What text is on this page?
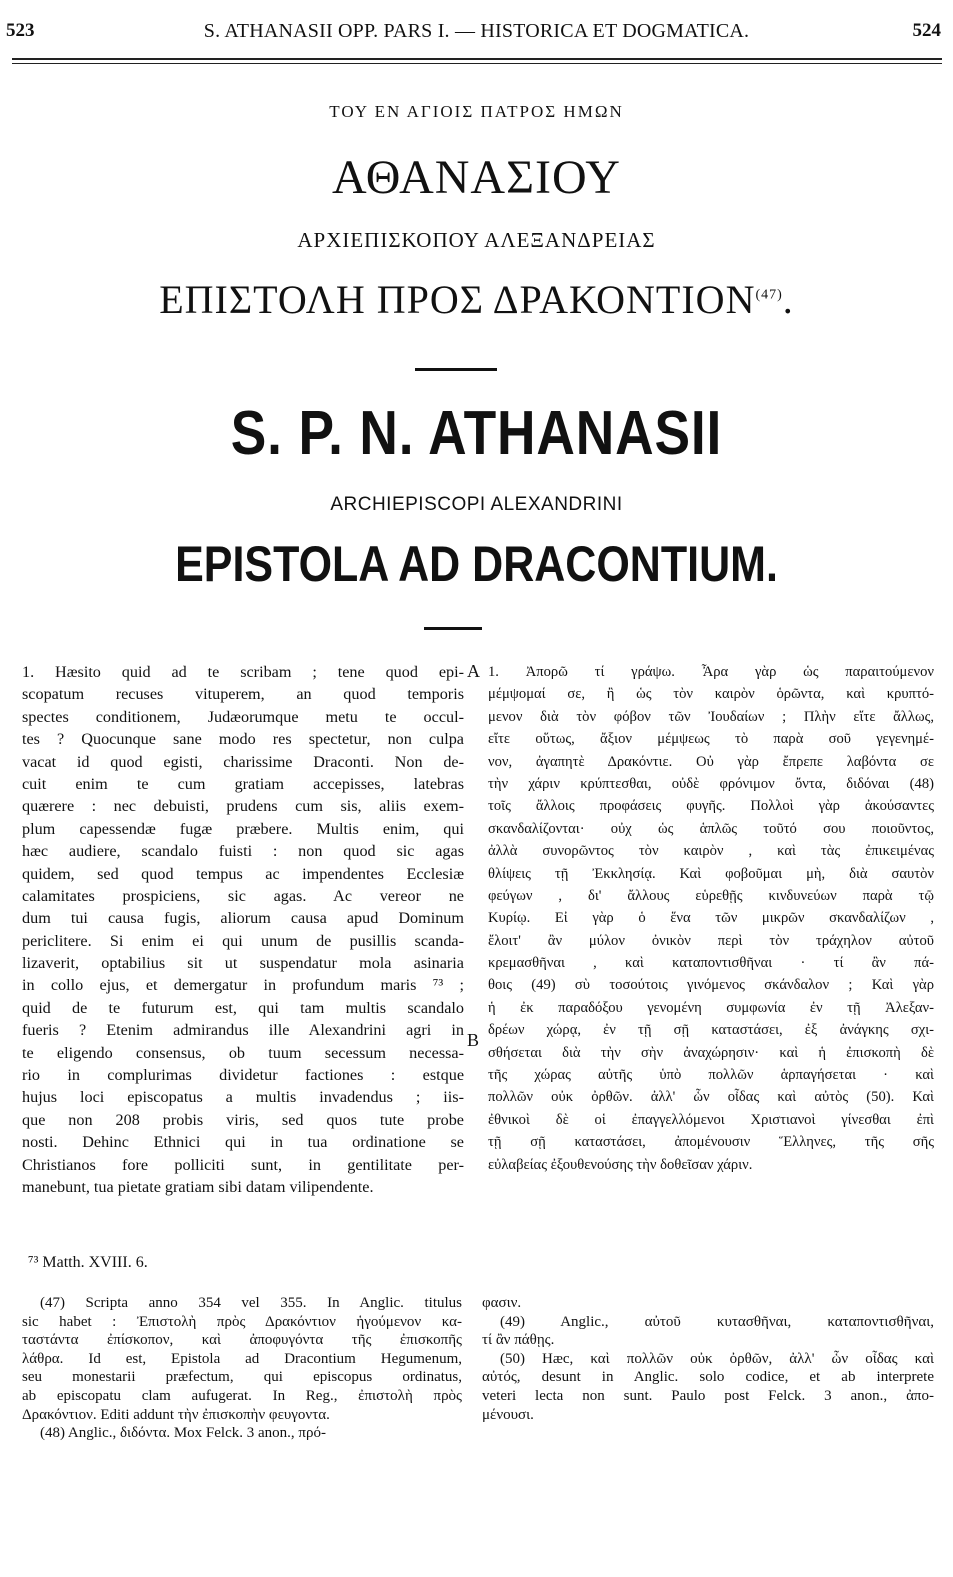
523	S. ATHANASII OPP. PARS I. — HISTORICA ET DOGMATICA.	524
ΤΟΥ ΕΝ ΑΓΙΟΙΣ ΠΑΤΡΟΣ ΗΜΩΝ
ΑΘΑΝΑΣΙΟΥ
ΑΡΧΙΕΠΙΣΚΟΠΟΥ ΑΛΕΞΑΝΔΡΕΙΑΣ
ΕΠΙΣΤΟΛΗ ΠΡΟΣ ΔΡΑΚΟΝΤΙΟΝ$^{(47)}$.
S. P. N. ATHANASII
ARCHIEPISCOPI ALEXANDRINI
EPISTOLA AD DRACONTIUM.
A
B
1. Hæsito quid ad te scribam ; tene quod epi-
scopatum recuses vituperem, an quod temporis
spectes conditionem, Judæorumque metu te occul-
tes ? Quocunque sane modo res spectetur, non culpa
vacat id quod egisti, charissime Draconti. Non de-
cuit enim te cum gratiam accepisses, latebras
quærere : nec debuisti, prudens cum sis, aliis exem-
plum capessendæ fugæ præbere. Multis enim, qui
hæc audiere, scandalo fuisti : non quod sic agas
quidem, sed quod tempus ac impendentes Ecclesiæ
calamitates prospiciens, sic agas. Ac vereor ne
dum tui causa fugis, aliorum causa apud Dominum
periclitere. Si enim ei qui unum de pusillis scanda-
lizaverit, optabilius sit ut suspendatur mola asinaria
in collo ejus, et demergatur in profundum maris ⁷³ ;
quid de te futurum est, qui tam multis scandalo
fueris ? Etenim admirandus ille Alexandrini agri in
te eligendo consensus, ob tuum secessum necessa-
rio in complurimas dividetur factiones : estque
hujus loci episcopatus a multis invadendus ; iis-
que non 208 probis viris, sed quos tute probe
nosti. Dehinc Ethnici qui in tua ordinatione se
Christianos fore polliciti sunt, in gentilitate per-
manebunt, tua pietate gratiam sibi datam vilipendente.
1. Ἀπορῶ τί γράψω. Ἆρα γὰρ ὡς παραιτούμενον
μέμψομαί σε, ἢ ὡς τὸν καιρὸν ὁρῶντα, καὶ κρυπτό-
μενον διὰ τὸν φόβον τῶν Ἰουδαίων ; Πλὴν εἴτε ἄλλως,
εἴτε οὕτως, ἄξιον μέμψεως τὸ παρὰ σοῦ γεγενημέ-
νον, ἀγαπητὲ Δρακόντιε. Οὐ γὰρ ἔπρεπε λαβόντα σε
τὴν χάριν κρύπτεσθαι, οὐδὲ φρόνιμον ὄντα, διδόναι (48)
τοῖς ἄλλοις προφάσεις φυγῆς. Πολλοὶ γὰρ ἀκούσαντες
σκανδαλίζονται· οὐχ ὡς ἁπλῶς τοῦτό σου ποιοῦντος,
ἀλλὰ συνορῶντος τὸν καιρὸν , καὶ τὰς ἐπικειμένας
θλίψεις τῇ Ἐκκλησίᾳ. Καὶ φοβοῦμαι μὴ, διὰ σαυτὸν
φεύγων , δι' ἄλλους εὑρεθῇς κινδυνεύων παρὰ τῷ
Κυρίῳ. Εἰ γὰρ ὁ ἕνα τῶν μικρῶν σκανδαλίζων ,
ἔλοιτ' ἂν μύλον ὀνικὸν περὶ τὸν τράχηλον αὐτοῦ
κρεμασθῆναι , καὶ καταποντισθῆναι · τί ἂν πά-
θοις (49) σὺ τοσούτοις γινόμενος σκάνδαλον ; Καὶ γὰρ
ἡ ἐκ παραδόξου γενομένη συμφωνία ἐν τῇ Ἀλεξαν-
δρέων χώρᾳ, ἐν τῇ σῇ καταστάσει, ἐξ ἀνάγκης σχι-
σθήσεται διὰ τὴν σὴν ἀναχώρησιν· καὶ ἡ ἐπισκοπὴ δὲ
τῆς χώρας αὐτῆς ὑπὸ πολλῶν ἁρπαγήσεται · καὶ
πολλῶν οὐκ ὀρθῶν. ἀλλ' ὧν οἶδας καὶ αὐτὸς (50). Καὶ
ἐθνικοὶ δὲ οἱ ἐπαγγελλόμενοι Χριστιανοὶ γίνεσθαι ἐπὶ
τῇ σῇ καταστάσει, ἀπομένουσιν Ἕλληνες, τῆς σῆς
εὐλαβείας ἐξουθενούσης τὴν δοθεῖσαν χάριν.
⁷³ Matth. XVIII. 6.
(47) Scripta anno 354 vel 355. In Anglic. titulus
sic habet : Ἐπιστολὴ πρὸς Δρακόντιον ἡγούμενον κα-
ταστάντα ἐπίσκοπον, καὶ ἀποφυγόντα τῆς ἐπισκοπῆς
λάθρα. Id est, Epistola ad Dracontium Hegumenum,
seu monestarii præfectum, qui episcopus ordinatus,
ab episcopatu clam aufugerat. In Reg., ἐπιστολὴ πρὸς
Δρακόντιον. Editi addunt τὴν ἐπισκοπὴν φευγοντα.
(48) Anglic., διδόντα. Mox Felck. 3 anon., πρό-
φασιν.
(49) Anglic., αὐτοῦ κυτασθῆναι, καταποντισθῆναι,
τί ἂν πάθῃς.
(50) Hæc, καὶ πολλῶν οὐκ ὀρθῶν, ἀλλ' ὧν οἶδας καὶ
αὐτός, desunt in Anglic. solo codice, et ab interprete
veteri lecta non sunt. Paulo post Felck. 3 anon., ἀπο-
μένουσι.
